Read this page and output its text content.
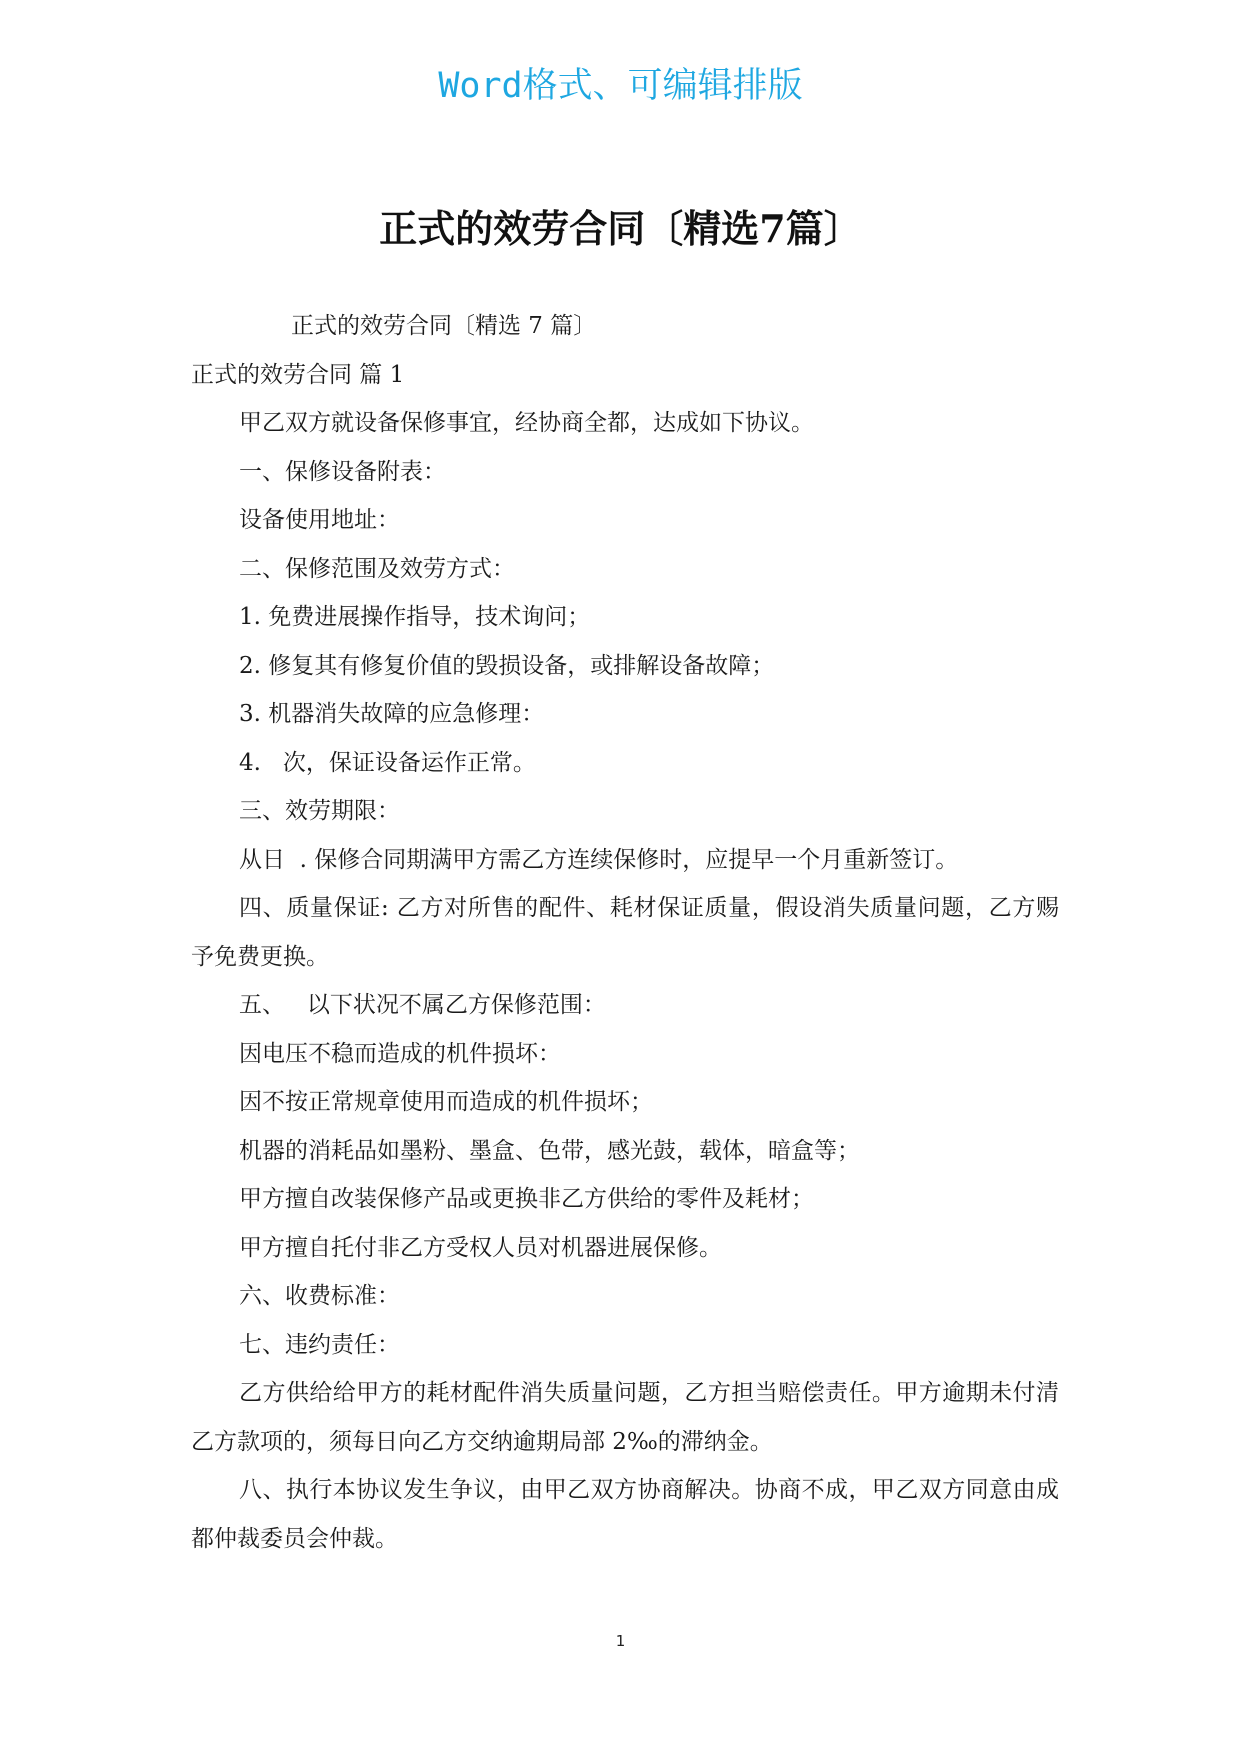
Word格式、可编辑排版
正式的效劳合同〔精选7篇〕
正式的效劳合同〔精选 7 篇〕
正式的效劳合同 篇 1
甲乙双方就设备保修事宜，经协商全都，达成如下协议。
一、保修设备附表：
设备使用地址：
二、保修范围及效劳方式：
1. 免费进展操作指导，技术询问；
2. 修复其有修复价值的毁损设备，或排解设备故障；
3. 机器消失故障的应急修理：
4.   次，保证设备运作正常。
三、效劳期限：
从日  . 保修合同期满甲方需乙方连续保修时，应提早一个月重新签订。
四、质量保证: 乙方对所售的配件、耗材保证质量，假设消失质量问题，乙方赐予免费更换。
五、   以下状况不属乙方保修范围：
因电压不稳而造成的机件损坏：
因不按正常规章使用而造成的机件损坏；
机器的消耗品如墨粉、墨盒、色带，感光鼓，载体，暗盒等；
甲方擅自改装保修产品或更换非乙方供给的零件及耗材；
甲方擅自托付非乙方受权人员对机器进展保修。
六、收费标准：
七、违约责任：
乙方供给给甲方的耗材配件消失质量问题，乙方担当赔偿责任。甲方逾期未付清乙方款项的，须每日向乙方交纳逾期局部 2‰的滞纳金。
八、执行本协议发生争议，由甲乙双方协商解决。协商不成，甲乙双方同意由成都仲裁委员会仲裁。
1
